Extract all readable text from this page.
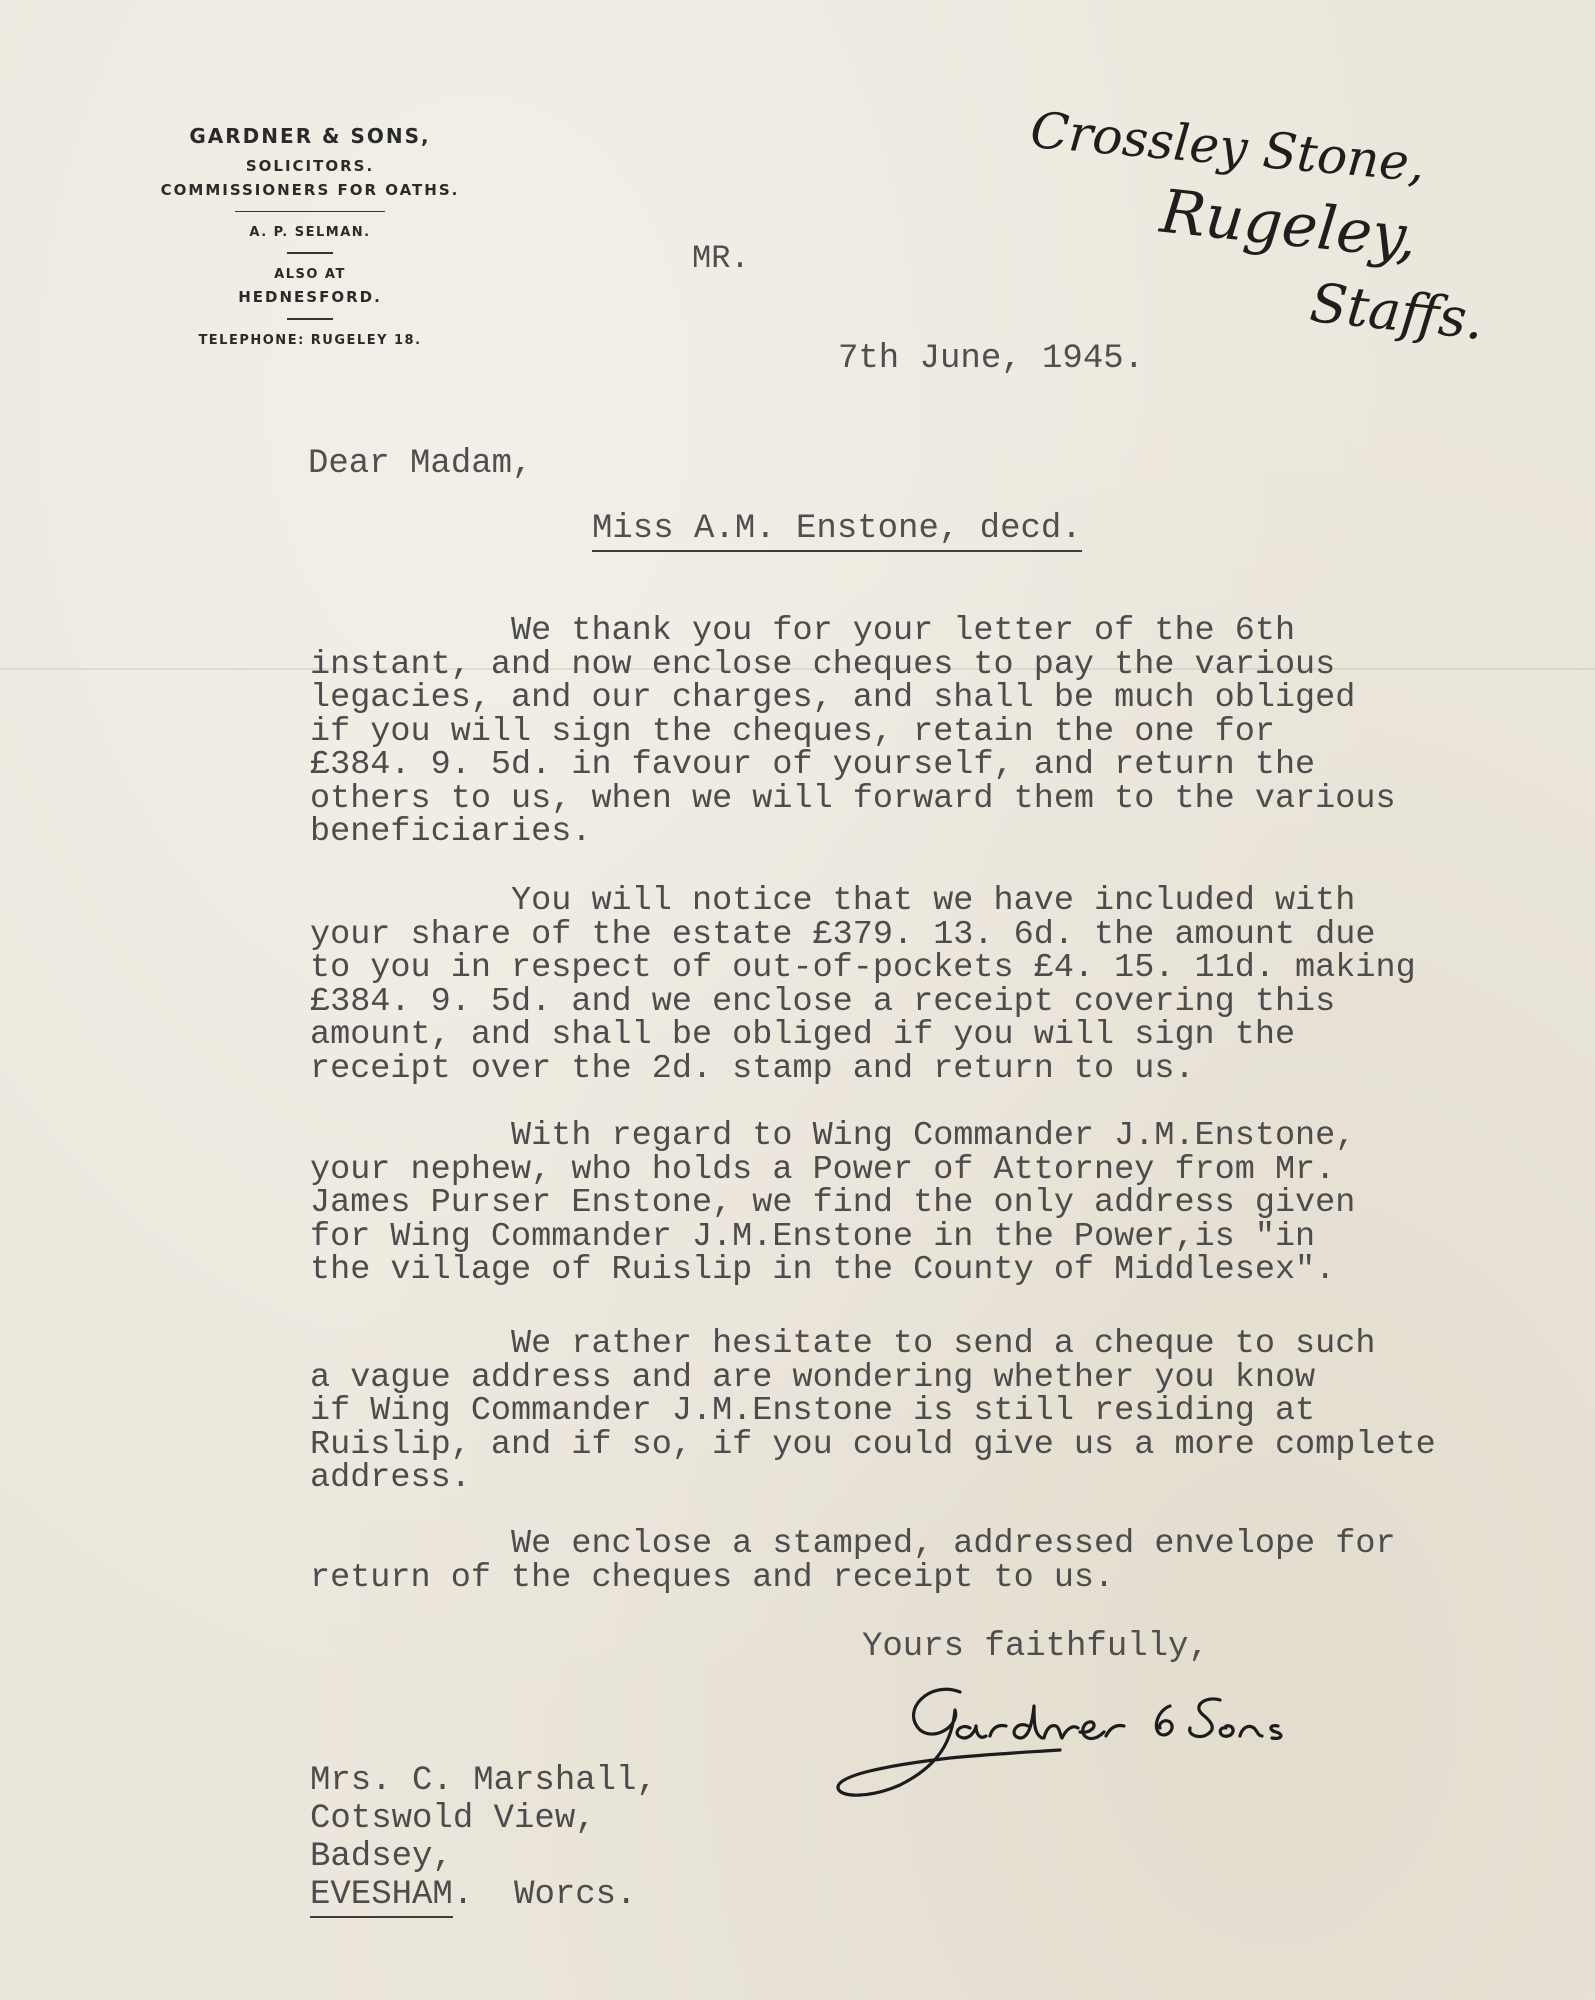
GARDNER & SONS,
SOLICITORS.
COMMISSIONERS FOR OATHS.
A. P. SELMAN.
ALSO AT
HEDNESFORD.
TELEPHONE: RUGELEY 18.
Crossley Stone,
Rugeley,
Staffs.
MR.
7th June, 1945.
Dear Madam,
Miss A.M. Enstone, decd.
We thank you for your letter of the 6th
instant, and now enclose cheques to pay the various
legacies, and our charges, and shall be much obliged
if you will sign the cheques, retain the one for
£384. 9. 5d. in favour of yourself, and return the
others to us, when we will forward them to the various
beneficiaries.
You will notice that we have included with
your share of the estate £379. 13. 6d. the amount due
to you in respect of out-of-pockets £4. 15. 11d. making
£384. 9. 5d. and we enclose a receipt covering this
amount, and shall be obliged if you will sign the
receipt over the 2d. stamp and return to us.
With regard to Wing Commander J.M.Enstone,
your nephew, who holds a Power of Attorney from Mr.
James Purser Enstone, we find the only address given
for Wing Commander J.M.Enstone in the Power,is "in
the village of Ruislip in the County of Middlesex".
We rather hesitate to send a cheque to such
a vague address and are wondering whether you know
if Wing Commander J.M.Enstone is still residing at
Ruislip, and if so, if you could give us a more complete
address.
We enclose a stamped, addressed envelope for
return of the cheques and receipt to us.
Yours faithfully,
Mrs. C. Marshall,
Cotswold View,
Badsey,
EVESHAM.  Worcs.
